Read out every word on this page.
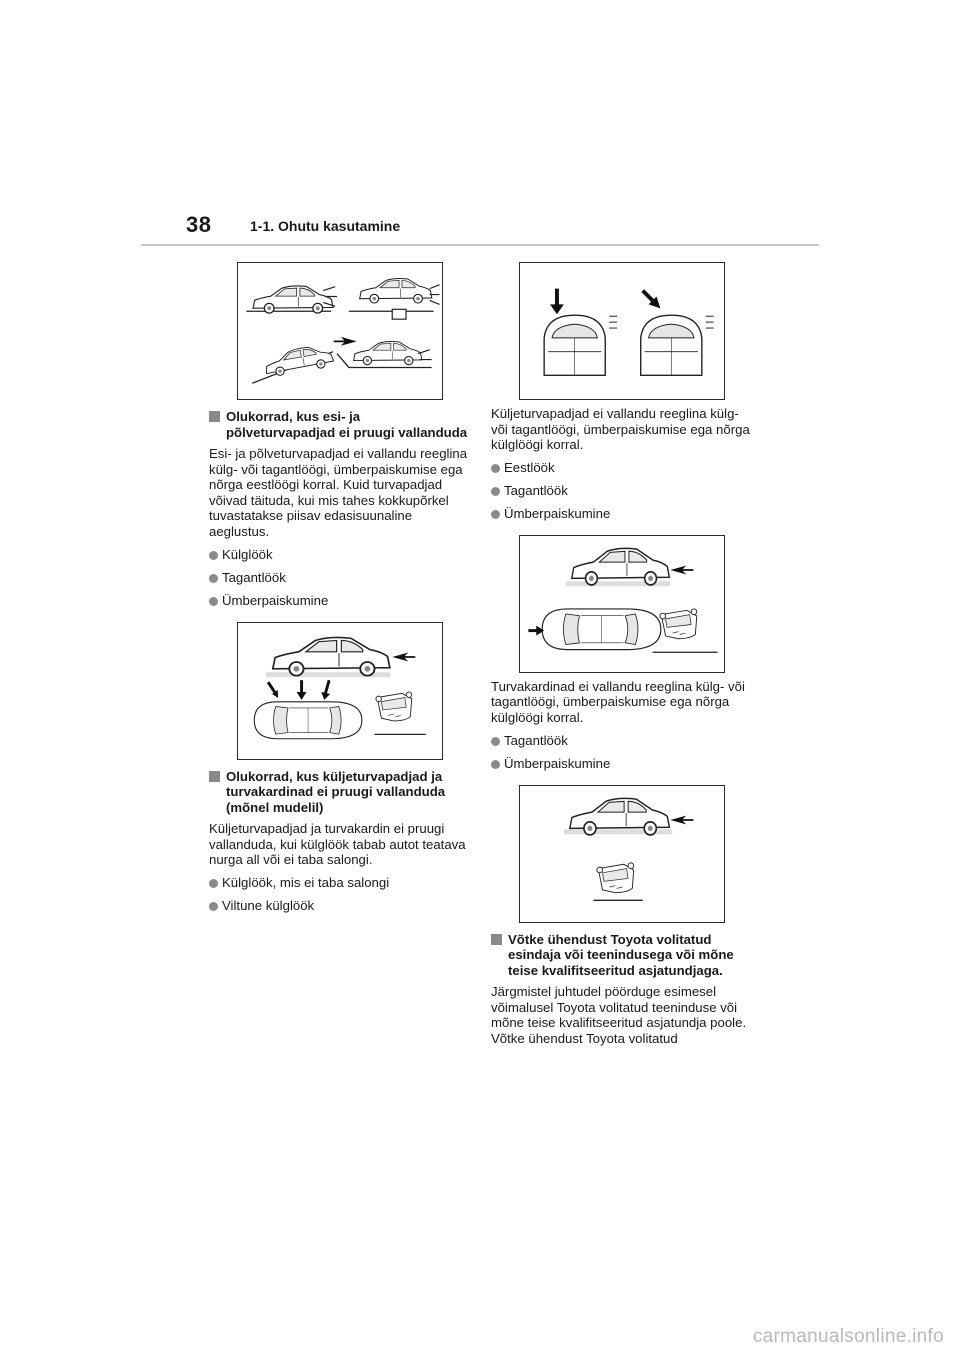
38	1-1. Ohutu kasutamine
Olukorrad, kus esi- ja põlveturvapadjad ei pruugi vallanduda
Esi- ja põlveturvapadjad ei vallandu reeglina külg- või tagantlöögi, ümberpaiskumise ega nõrga eestlöögi korral. Kuid turvapadjad võivad täituda, kui mis tahes kokkupõrkel tuvastatakse piisav edasisuunaline aeglustus.
Külglöök
Tagantlöök
Ümberpaiskumine
Olukorrad, kus küljeturvapadjad ja turvakardinad ei pruugi vallanduda (mõnel mudelil)
Küljeturvapadjad ja turvakardin ei pruugi vallanduda, kui külglöök tabab autot teatava nurga all või ei taba salongi.
Külglöök, mis ei taba salongi
Viltune külglöök
Küljeturvapadjad ei vallandu reeglina külg- või tagantlöögi, ümberpaiskumise ega nõrga külglöögi korral.
Eestlöök
Tagantlöök
Ümberpaiskumine
Turvakardinad ei vallandu reeglina külg- või tagantlöögi, ümberpaiskumise ega nõrga külglöögi korral.
Tagantlöök
Ümberpaiskumine
Võtke ühendust Toyota volitatud esindaja või teenindusega või mõne teise kvalifitseeritud asjatundjaga.
Järgmistel juhtudel pöörduge esimesel võimalusel Toyota volitatud teeninduse või mõne teise kvalifitseeritud asjatundja poole. Võtke ühendust Toyota volitatud
carmanualsonline.info
